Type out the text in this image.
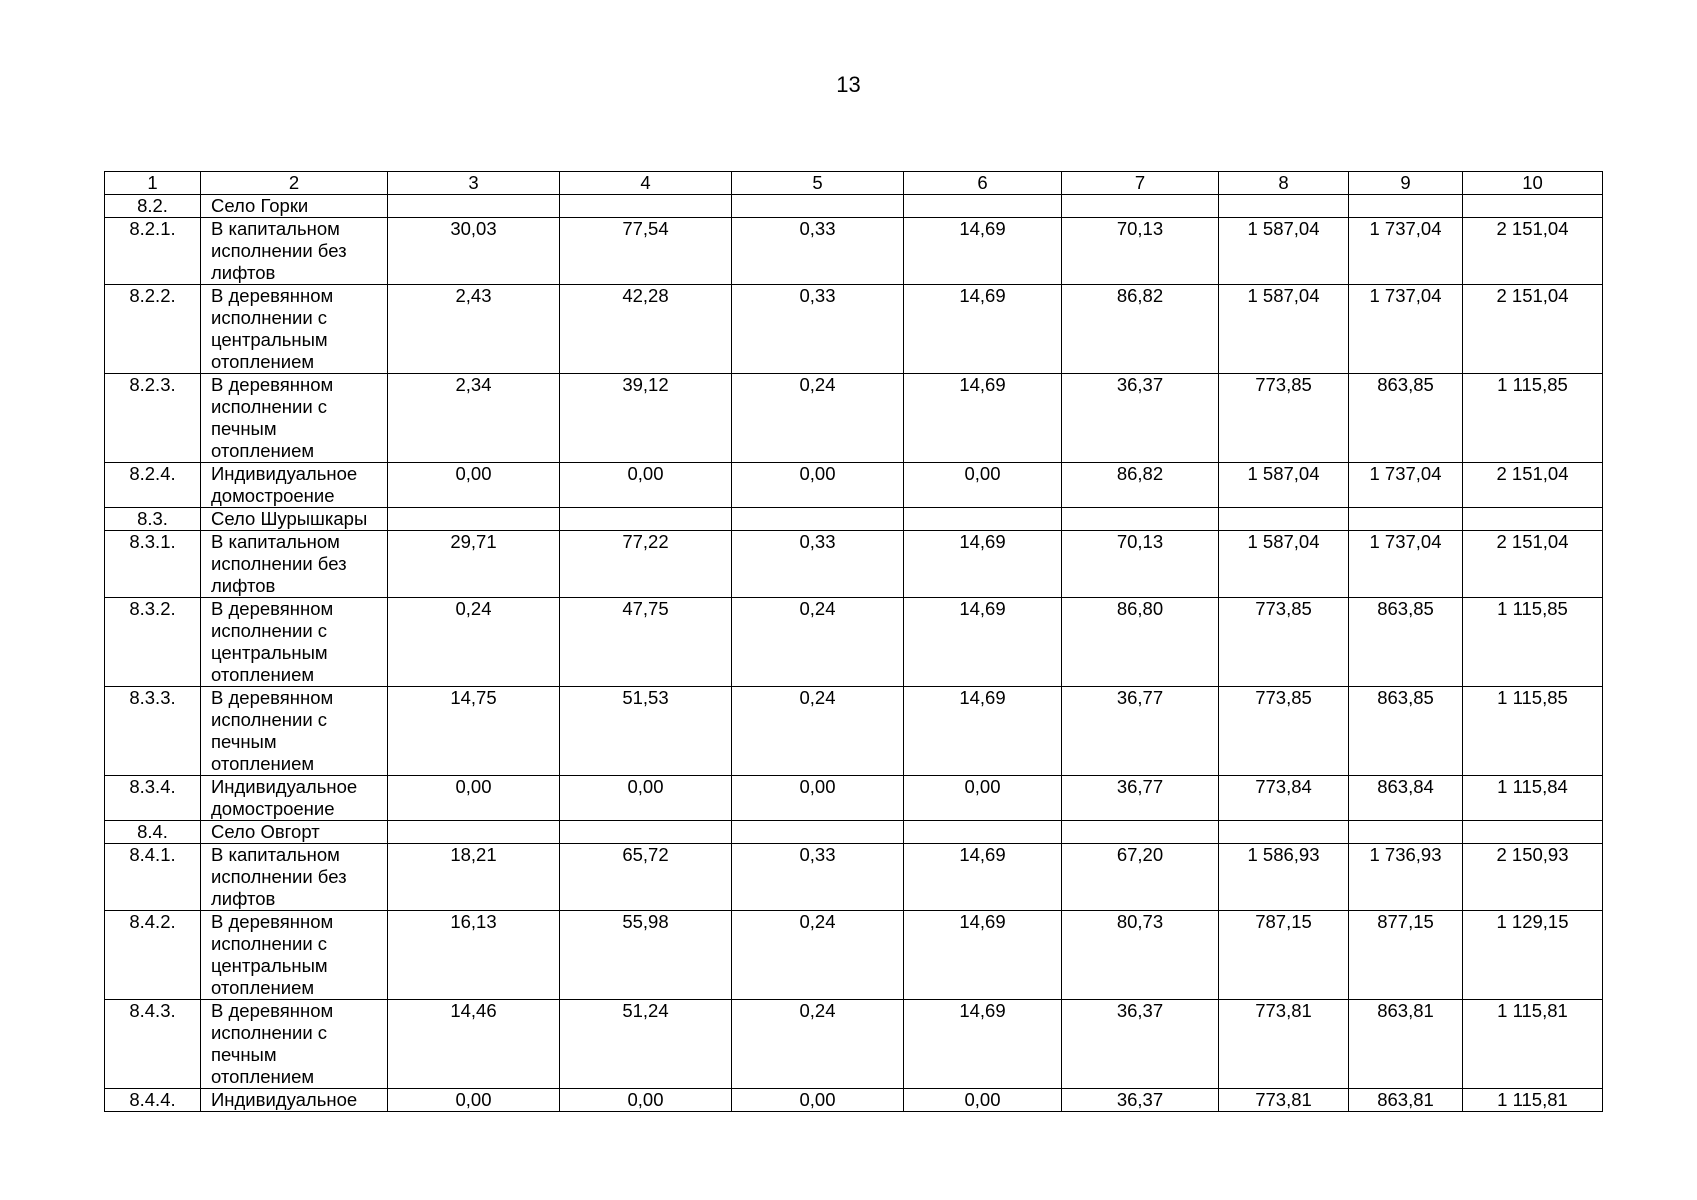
13
1	2	3	4	5	6	7	8	9	10
8.2.	Село Горки								
8.2.1.	В капитальном исполнении без лифтов	30,03	77,54	0,33	14,69	70,13	1 587,04	1 737,04	2 151,04
8.2.2.	В деревянном исполнении с центральным отоплением	2,43	42,28	0,33	14,69	86,82	1 587,04	1 737,04	2 151,04
8.2.3.	В деревянном исполнении с печным отоплением	2,34	39,12	0,24	14,69	36,37	773,85	863,85	1 115,85
8.2.4.	Индивидуальное домостроение	0,00	0,00	0,00	0,00	86,82	1 587,04	1 737,04	2 151,04
8.3.	Село Шурышкары								
8.3.1.	В капитальном исполнении без лифтов	29,71	77,22	0,33	14,69	70,13	1 587,04	1 737,04	2 151,04
8.3.2.	В деревянном исполнении с центральным отоплением	0,24	47,75	0,24	14,69	86,80	773,85	863,85	1 115,85
8.3.3.	В деревянном исполнении с печным отоплением	14,75	51,53	0,24	14,69	36,77	773,85	863,85	1 115,85
8.3.4.	Индивидуальное домостроение	0,00	0,00	0,00	0,00	36,77	773,84	863,84	1 115,84
8.4.	Село Овгорт								
8.4.1.	В капитальном исполнении без лифтов	18,21	65,72	0,33	14,69	67,20	1 586,93	1 736,93	2 150,93
8.4.2.	В деревянном исполнении с центральным отоплением	16,13	55,98	0,24	14,69	80,73	787,15	877,15	1 129,15
8.4.3.	В деревянном исполнении с печным отоплением	14,46	51,24	0,24	14,69	36,37	773,81	863,81	1 115,81
8.4.4.	Индивидуальное	0,00	0,00	0,00	0,00	36,37	773,81	863,81	1 115,81
